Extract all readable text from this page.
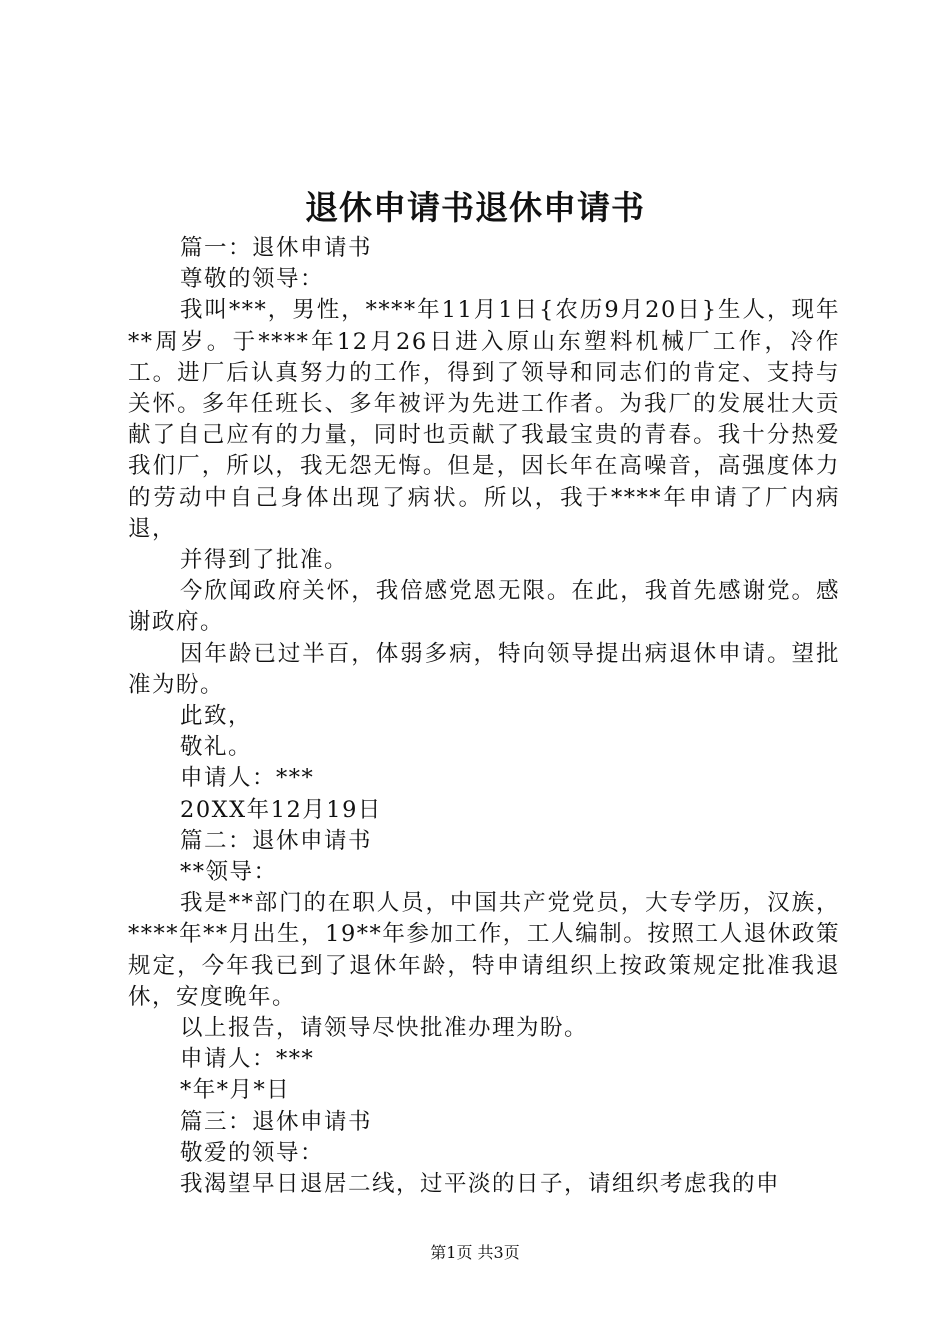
退休申请书退休申请书

篇一：退休申请书

尊敬的领导：

我叫***，男性，****年11月1日{农历9月20日}生人，现年**周岁。于****年12月26日进入原山东塑料机械厂工作，冷作工。进厂后认真努力的工作，得到了领导和同志们的肯定、支持与关怀。多年任班长、多年被评为先进工作者。为我厂的发展壮大贡献了自己应有的力量，同时也贡献了我最宝贵的青春。我十分热爱我们厂，所以，我无怨无悔。但是，因长年在高噪音，高强度体力的劳动中自己身体出现了病状。所以，我于****年申请了厂内病退，

并得到了批准。

今欣闻政府关怀，我倍感党恩无限。在此，我首先感谢党。感谢政府。

因年龄已过半百，体弱多病，特向领导提出病退休申请。望批准为盼。

此致，

敬礼。

申请人：***

20XX年12月19日

篇二：退休申请书

**领导：

我是**部门的在职人员，中国共产党党员，大专学历，汉族，****年**月出生，19**年参加工作，工人编制。按照工人退休政策规定，今年我已到了退休年龄，特申请组织上按政策规定批准我退休，安度晚年。

以上报告，请领导尽快批准办理为盼。

申请人：***

*年*月*日

篇三：退休申请书

敬爱的领导：

我渴望早日退居二线，过平淡的日子，请组织考虑我的申

第1页 共3页
